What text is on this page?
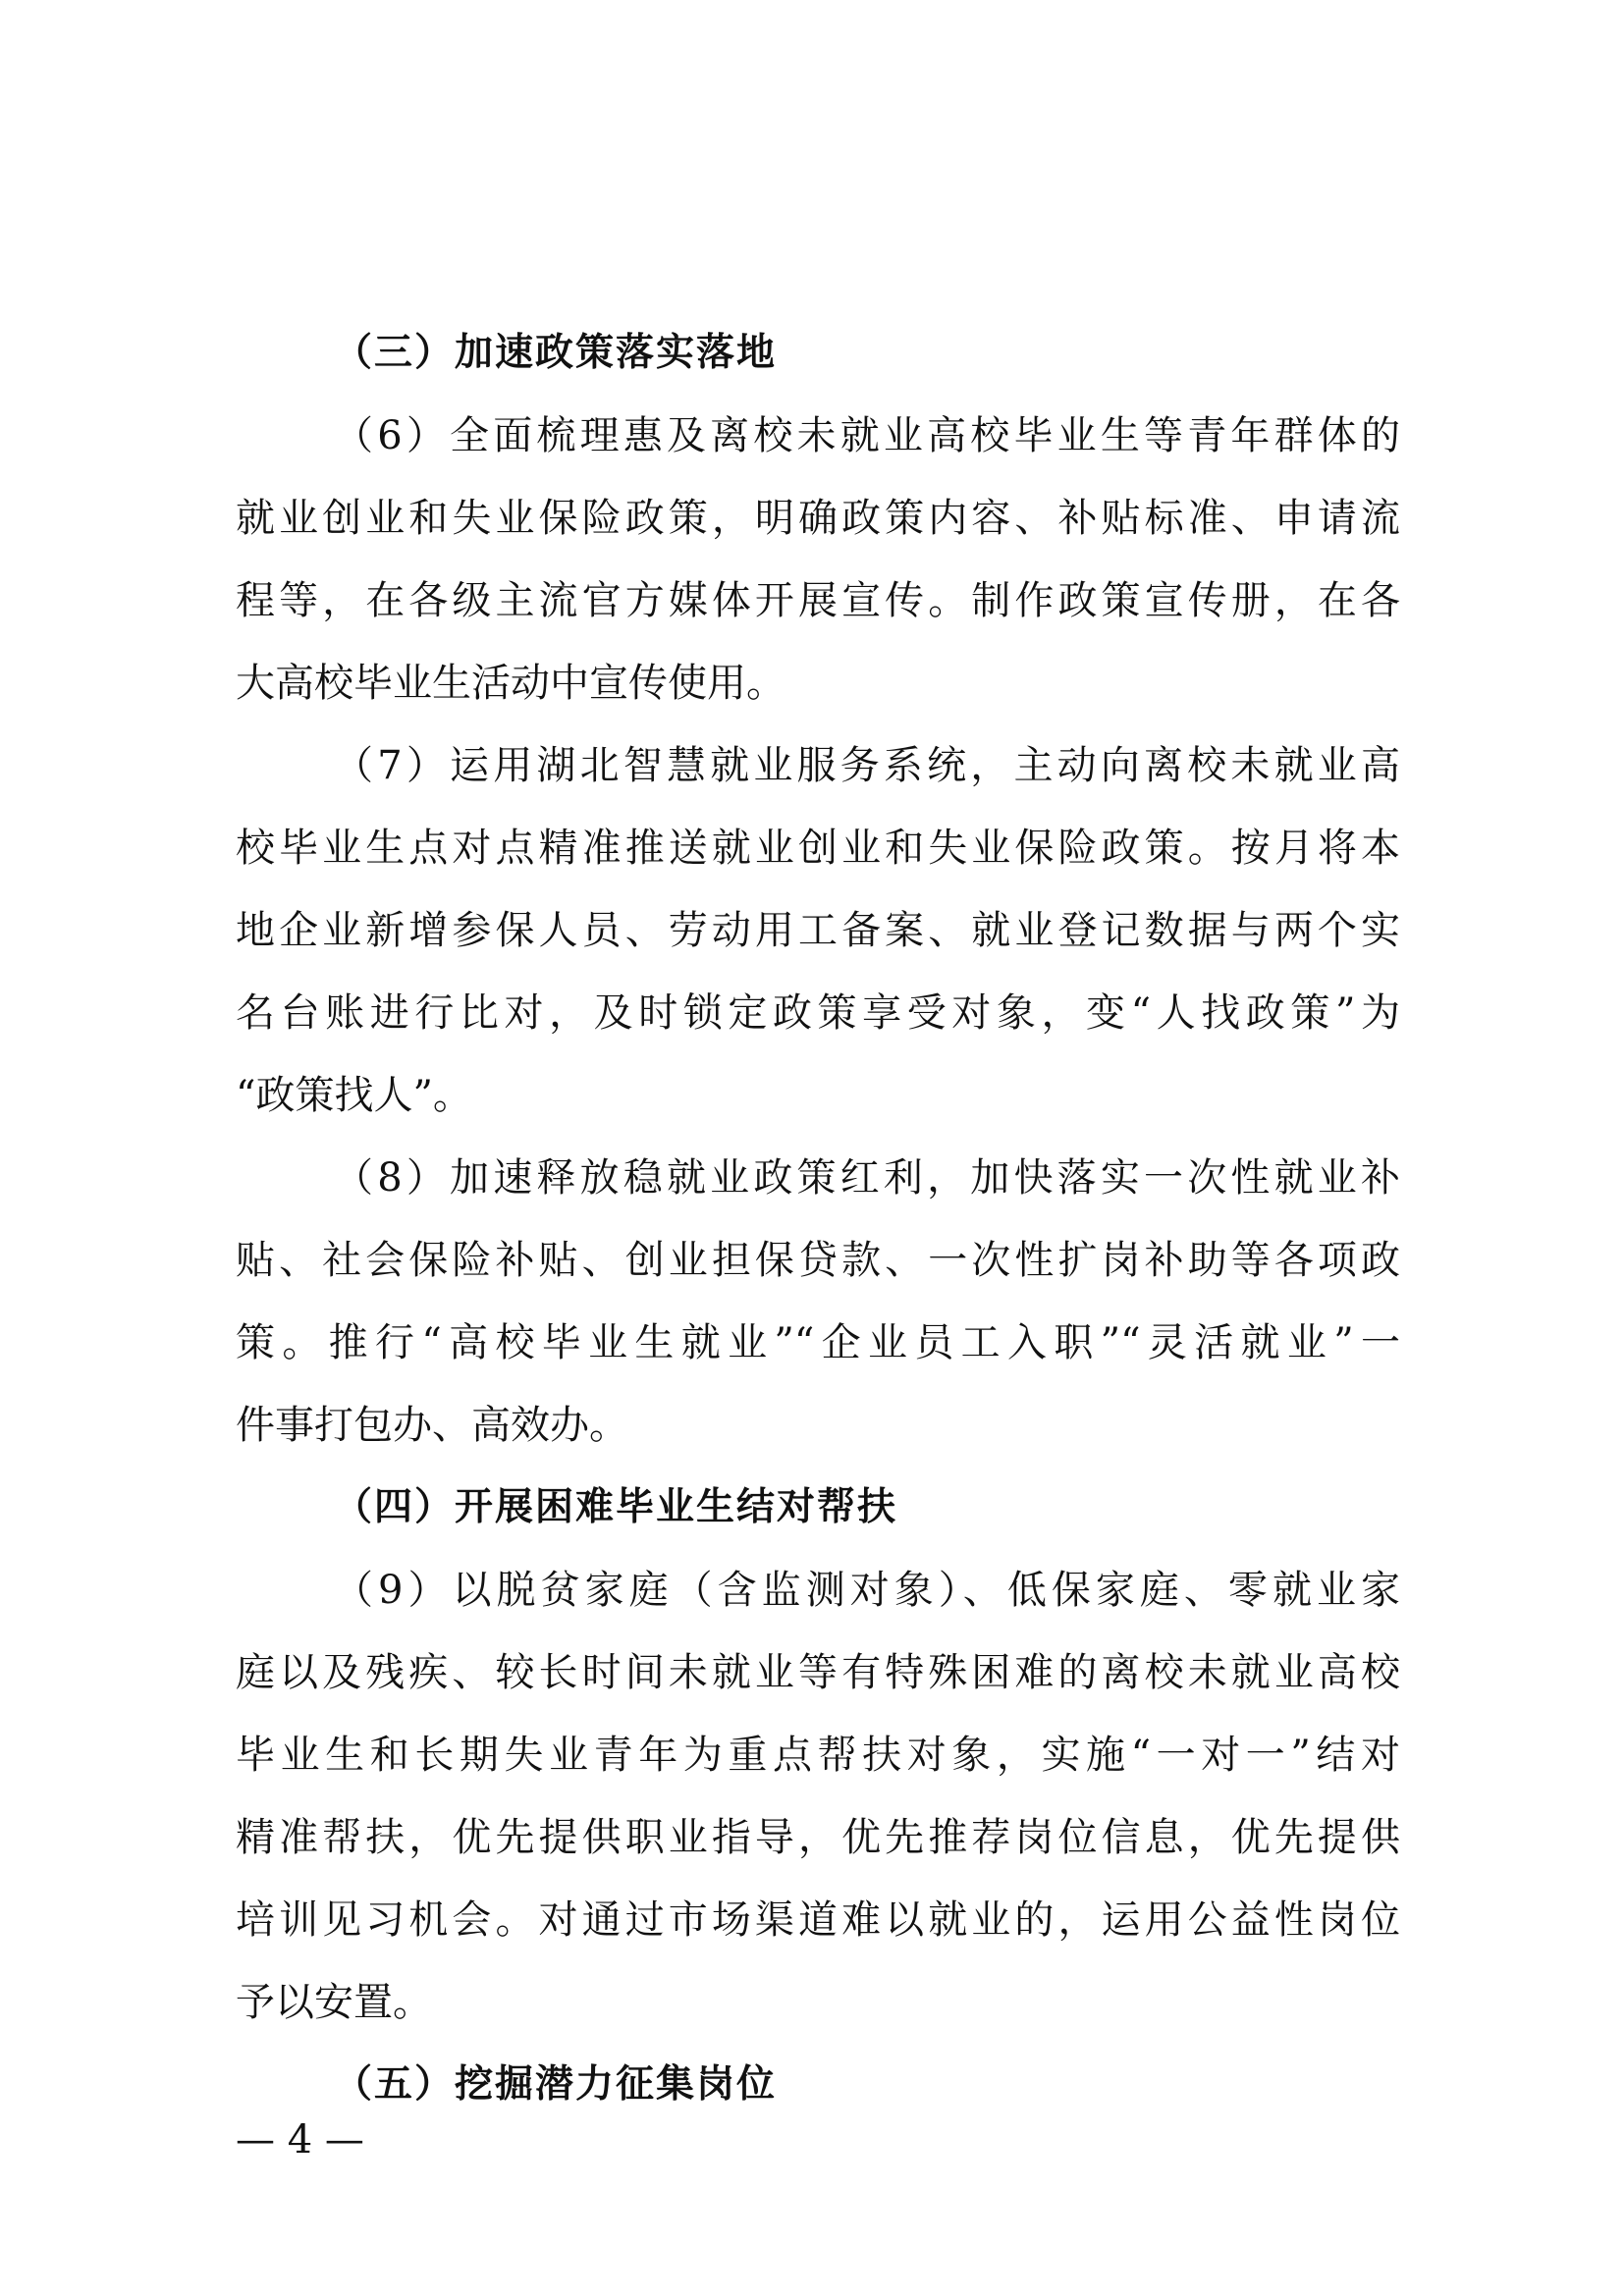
（三）加速政策落实落地
（6）全面梳理惠及离校未就业高校毕业生等青年群体的
就业创业和失业保险政策，明确政策内容、补贴标准、申请流
程等，在各级主流官方媒体开展宣传。制作政策宣传册，在各
大高校毕业生活动中宣传使用。
（7）运用湖北智慧就业服务系统，主动向离校未就业高
校毕业生点对点精准推送就业创业和失业保险政策。按月将本
地企业新增参保人员、劳动用工备案、就业登记数据与两个实
名台账进行比对，及时锁定政策享受对象，变“人找政策”为
“政策找人”。
（8）加速释放稳就业政策红利，加快落实一次性就业补
贴、社会保险补贴、创业担保贷款、一次性扩岗补助等各项政
策。推行“高校毕业生就业”“企业员工入职”“灵活就业”一
件事打包办、高效办。
（四）开展困难毕业生结对帮扶
（9）以脱贫家庭（含监测对象）、低保家庭、零就业家
庭以及残疾、较长时间未就业等有特殊困难的离校未就业高校
毕业生和长期失业青年为重点帮扶对象，实施“一对一”结对
精准帮扶，优先提供职业指导，优先推荐岗位信息，优先提供
培训见习机会。对通过市场渠道难以就业的，运用公益性岗位
予以安置。
（五）挖掘潜力征集岗位
— 4 —
